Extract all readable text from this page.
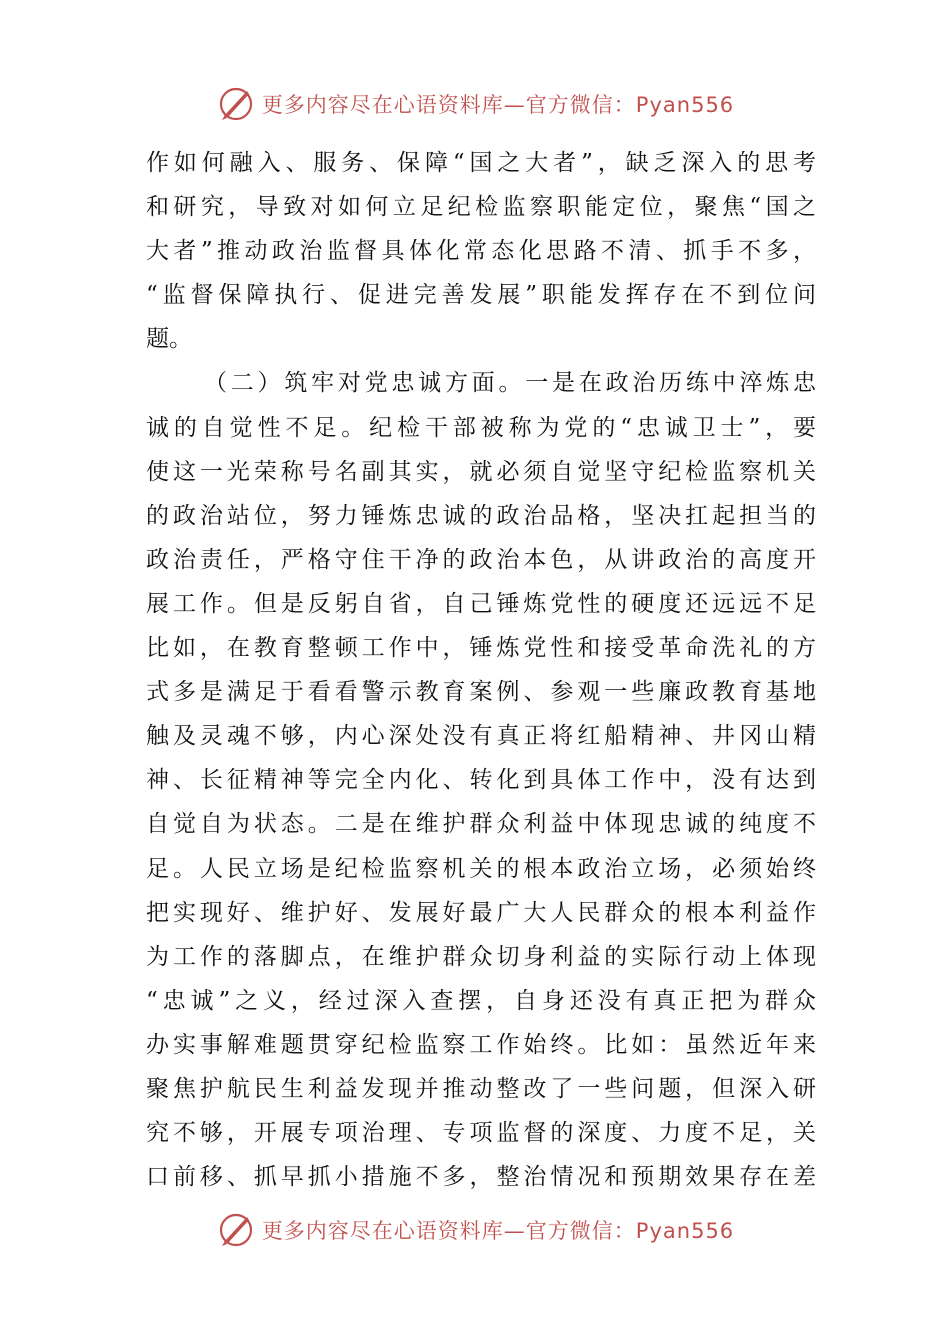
更多内容尽在心语资料库—官方微信：Pyan556
作如何融入、服务、保障“国之大者”，缺乏深入的思考
和研究，导致对如何立足纪检监察职能定位，聚焦“国之
大者”推动政治监督具体化常态化思路不清、抓手不多，
“监督保障执行、促进完善发展”职能发挥存在不到位问
题。
（二）筑牢对党忠诚方面。一是在政治历练中淬炼忠
诚的自觉性不足。纪检干部被称为党的“忠诚卫士”，要
使这一光荣称号名副其实，就必须自觉坚守纪检监察机关
的政治站位，努力锤炼忠诚的政治品格，坚决扛起担当的
政治责任，严格守住干净的政治本色，从讲政治的高度开
展工作。但是反躬自省，自己锤炼党性的硬度还远远不足
比如，在教育整顿工作中，锤炼党性和接受革命洗礼的方
式多是满足于看看警示教育案例、参观一些廉政教育基地
触及灵魂不够，内心深处没有真正将红船精神、井冈山精
神、长征精神等完全内化、转化到具体工作中，没有达到
自觉自为状态。二是在维护群众利益中体现忠诚的纯度不
足。人民立场是纪检监察机关的根本政治立场，必须始终
把实现好、维护好、发展好最广大人民群众的根本利益作
为工作的落脚点，在维护群众切身利益的实际行动上体现
“忠诚”之义，经过深入查摆，自身还没有真正把为群众
办实事解难题贯穿纪检监察工作始终。比如：虽然近年来
聚焦护航民生利益发现并推动整改了一些问题，但深入研
究不够，开展专项治理、专项监督的深度、力度不足，关
口前移、抓早抓小措施不多，整治情况和预期效果存在差
更多内容尽在心语资料库—官方微信：Pyan556
